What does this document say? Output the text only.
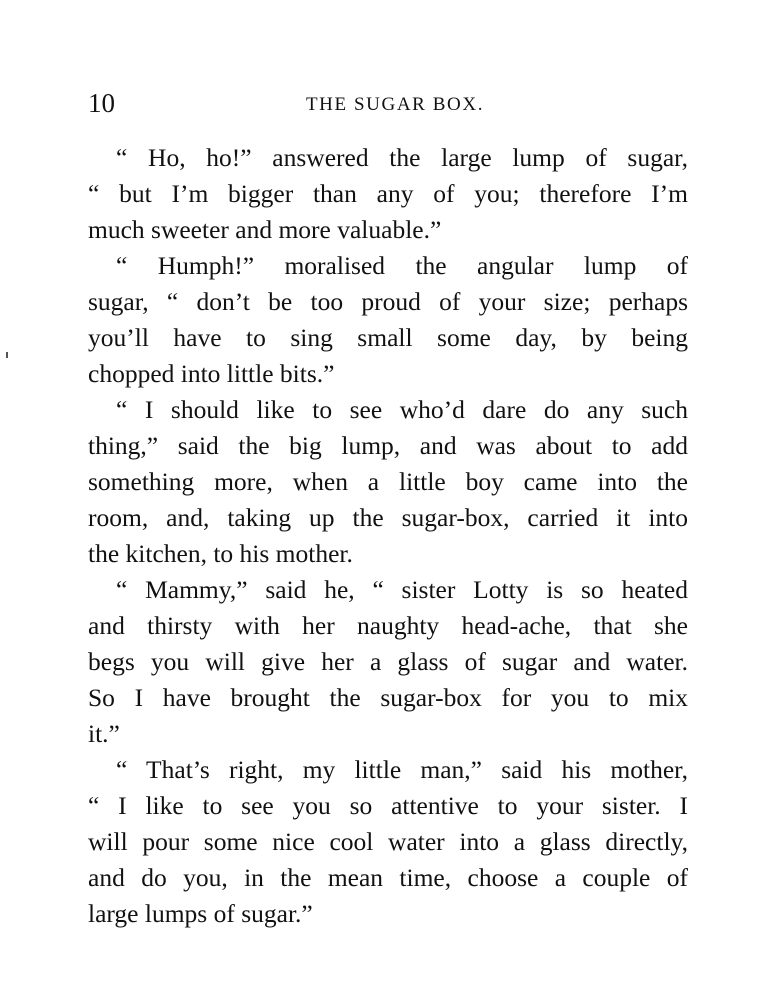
10	THE SUGAR BOX.
“ Ho, ho!” answered the large lump of sugar,
“ but I’m bigger than any of you; therefore I’m
much sweeter and more valuable.”
“ Humph!” moralised the angular lump of
sugar, “ don’t be too proud of your size; perhaps
you’ll have to sing small some day, by being
chopped into little bits.”
“ I should like to see who’d dare do any such
thing,” said the big lump, and was about to add
something more, when a little boy came into the
room, and, taking up the sugar-box, carried it into
the kitchen, to his mother.
“ Mammy,” said he, “ sister Lotty is so heated
and thirsty with her naughty head-ache, that she
begs you will give her a glass of sugar and water.
So I have brought the sugar-box for you to mix
it.”
“ That’s right, my little man,” said his mother,
“ I like to see you so attentive to your sister. I
will pour some nice cool water into a glass directly,
and do you, in the mean time, choose a couple of
large lumps of sugar.”
